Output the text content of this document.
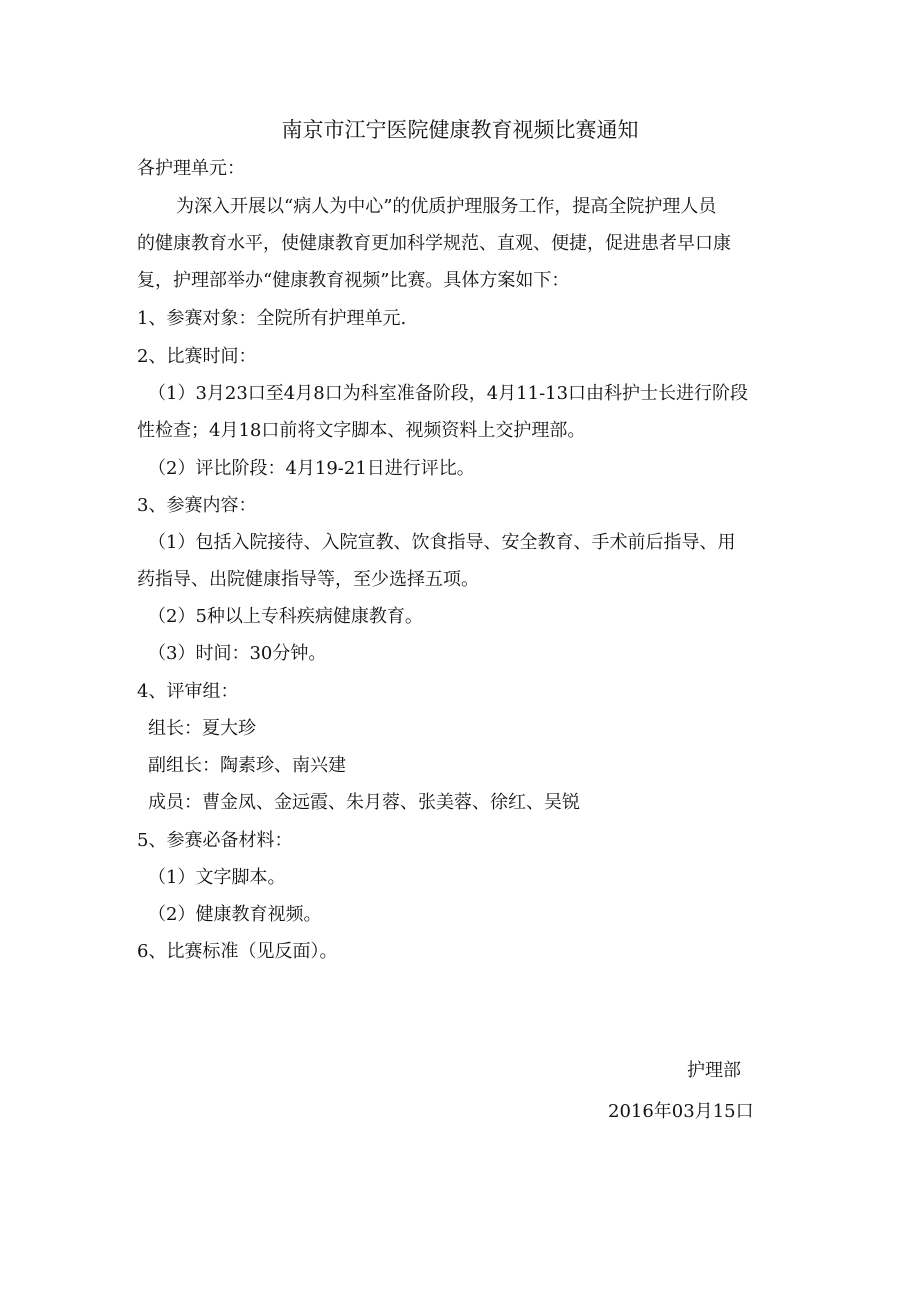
南京市江宁医院健康教育视频比赛通知
各护理单元：
为深入开展以“病人为中心”的优质护理服务工作，提高全院护理人员
的健康教育水平，使健康教育更加科学规范、直观、便捷，促进患者早口康
复，护理部举办“健康教育视频”比赛。具体方案如下：
1、参赛对象：全院所有护理单元.
2、比赛时间：
（1）3月23口至4月8口为科室准备阶段，4月11-13口由科护士长进行阶段
性检查；4月18口前将文字脚本、视频资料上交护理部。
（2）评比阶段：4月19-21日进行评比。
3、参赛内容：
（1）包括入院接待、入院宣教、饮食指导、安全教育、手术前后指导、用
药指导、出院健康指导等，至少选择五项。
（2）5种以上专科疾病健康教育。
（3）时间：30分钟。
4、评审组：
组长：夏大珍
副组长：陶素珍、南兴建
成员：曹金凤、金远霞、朱月蓉、张美蓉、徐红、吴锐
5、参赛必备材料：
（1）文字脚本。
（2）健康教育视频。
6、比赛标准（见反面）。
护理部
2016年03月15口
